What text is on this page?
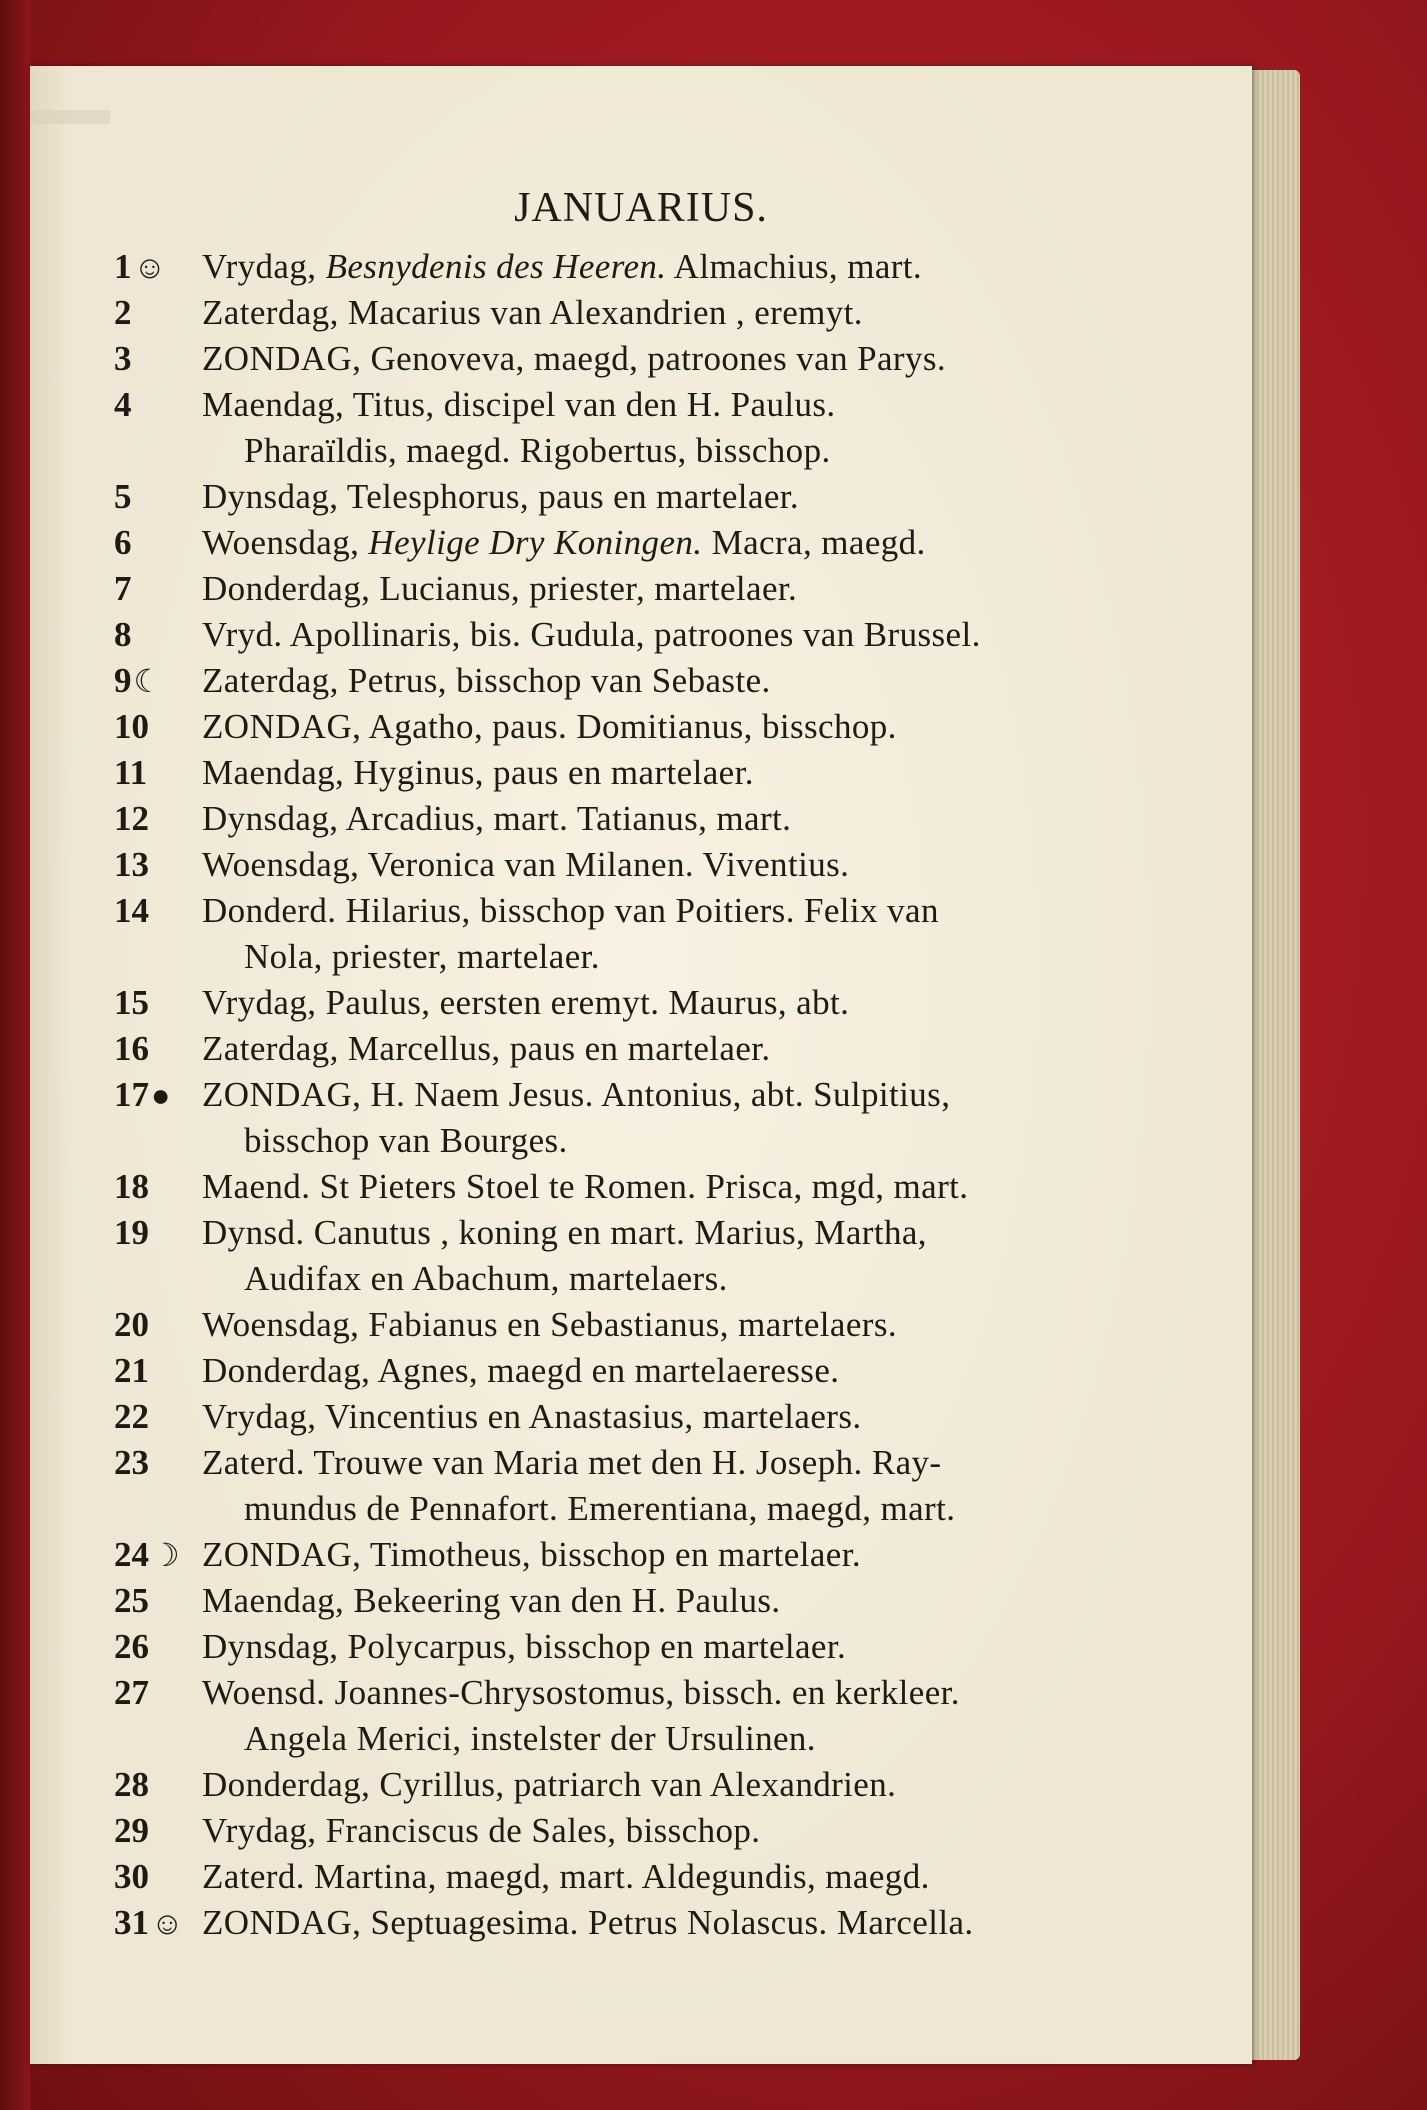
JANUARIUS.
1☺	Vrydag, Besnydenis des Heeren. Almachius, mart.
2	Zaterdag, Macarius van Alexandrien , eremyt.
3	ZONDAG, Genoveva, maegd, patroones van Parys.
4	Maendag, Titus, discipel van den H. Paulus.
Pharaïldis, maegd. Rigobertus, bisschop.
5	Dynsdag, Telesphorus, paus en martelaer.
6	Woensdag, Heylige Dry Koningen. Macra, maegd.
7	Donderdag, Lucianus, priester, martelaer.
8	Vryd. Apollinaris, bis. Gudula, patroones van Brussel.
9☾	Zaterdag, Petrus, bisschop van Sebaste.
10	ZONDAG, Agatho, paus. Domitianus, bisschop.
11	Maendag, Hyginus, paus en martelaer.
12	Dynsdag, Arcadius, mart. Tatianus, mart.
13	Woensdag, Veronica van Milanen. Viventius.
14	Donderd. Hilarius, bisschop van Poitiers. Felix van
Nola, priester, martelaer.
15	Vrydag, Paulus, eersten eremyt. Maurus, abt.
16	Zaterdag, Marcellus, paus en martelaer.
17● ZONDAG, H. Naem Jesus. Antonius, abt. Sulpitius,
bisschop van Bourges.
18	Maend. St Pieters Stoel te Romen. Prisca, mgd, mart.
19	Dynsd. Canutus , koning en mart. Marius, Martha,
Audifax en Abachum, martelaers.
20	Woensdag, Fabianus en Sebastianus, martelaers.
21	Donderdag, Agnes, maegd en martelaeresse.
22	Vrydag, Vincentius en Anastasius, martelaers.
23	Zaterd. Trouwe van Maria met den H. Joseph. Ray-
mundus de Pennafort. Emerentiana, maegd, mart.
24☽ ZONDAG, Timotheus, bisschop en martelaer.
25	Maendag, Bekeering van den H. Paulus.
26	Dynsdag, Polycarpus, bisschop en martelaer.
27	Woensd. Joannes-Chrysostomus, bissch. en kerkleer.
Angela Merici, instelster der Ursulinen.
28	Donderdag, Cyrillus, patriarch van Alexandrien.
29	Vrydag, Franciscus de Sales, bisschop.
30	Zaterd. Martina, maegd, mart. Aldegundis, maegd.
31☺ ZONDAG, Septuagesima. Petrus Nolascus. Marcella.
